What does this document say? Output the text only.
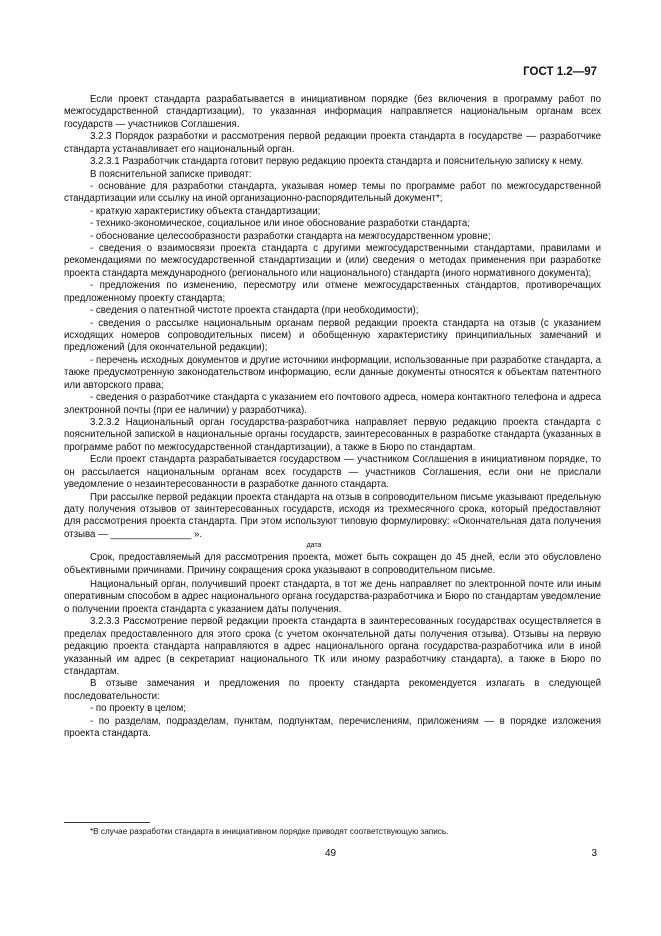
ГОСТ 1.2—97

Если проект стандарта разрабатывается в инициативном порядке (без включения в программу работ по межгосударственной стандартизации), то указанная информация направляется национальным органам всех государств — участников Соглашения.

3.2.3 Порядок разработки и рассмотрения первой редакции проекта стандарта в государстве — разработчике стандарта устанавливает его национальный орган.

3.2.3.1 Разработчик стандарта готовит первую редакцию проекта стандарта и пояснительную записку к нему.

В пояснительной записке приводят:

- основание для разработки стандарта, указывая номер темы по программе работ по межгосударственной стандартизации или ссылку на иной организационно-распорядительный документ*;

- краткую характеристику объекта стандартизации;

- технико-экономическое, социальное или иное обоснование разработки стандарта;

- обоснование целесообразности разработки стандарта на межгосударственном уровне;

- сведения о взаимосвязи проекта стандарта с другими межгосударственными стандартами, правилами и рекомендациями по межгосударственной стандартизации и (или) сведения о методах применения при разработке проекта стандарта международного (регионального или национального) стандарта (иного нормативного документа);

- предложения по изменению, пересмотру или отмене межгосударственных стандартов, противоречащих предложенному проекту стандарта;

- сведения о патентной чистоте проекта стандарта (при необходимости);

- сведения о рассылке национальным органам первой редакции проекта стандарта на отзыв (с указанием исходящих номеров сопроводительных писем) и обобщенную характеристику принципиальных замечаний и предложений (для окончательной редакции);

- перечень исходных документов и другие источники информации, использованные при разработке стандарта, а также предусмотренную законодательством информацию, если данные документы относятся к объектам патентного или авторского права;

- сведения о разработчике стандарта с указанием его почтового адреса, номера контактного телефона и адреса электронной почты (при ее наличии) у разработчика).

3.2.3.2 Национальный орган государства-разработчика направляет первую редакцию проекта стандарта с пояснительной запиской в национальные органы государств, заинтересованных в разработке стандарта (указанных в программе работ по межгосударственной стандартизации), а также в Бюро по стандартам.

Если проект стандарта разрабатывается государством — участником Соглашения в инициативном порядке, то он рассылается национальным органам всех государств — участников Соглашения, если они не прислали уведомление о незаинтересованности в разработке данного стандарта.

При рассылке первой редакции проекта стандарта на отзыв в сопроводительном письме указывают предельную дату получения отзывов от заинтересованных государств, исходя из трехмесячного срока, который предоставляют для рассмотрения проекта стандарта. При этом используют типовую формулировку: «Окончательная дата получения отзыва — _______________ ».

дата

Срок, предоставляемый для рассмотрения проекта, может быть сокращен до 45 дней, если это обусловлено объективными причинами. Причину сокращения срока указывают в сопроводительном письме.

Национальный орган, получивший проект стандарта, в тот же день направляет по электронной почте или иным оперативным способом в адрес национального органа государства-разработчика и Бюро по стандартам уведомление о получении проекта стандарта с указанием даты получения.

3.2.3.3 Рассмотрение первой редакции проекта стандарта в заинтересованных государствах осуществляется в пределах предоставленного для этого срока (с учетом окончательной даты получения отзыва). Отзывы на первую редакцию проекта стандарта направляются в адрес национального органа государства-разработчика или в иной указанный им адрес (в секретариат национального ТК или иному разработчику стандарта), а также в Бюро по стандартам.

В отзыве замечания и предложения по проекту стандарта рекомендуется излагать в следующей последовательности:

- по проекту в целом;

- по разделам, подразделам, пунктам, подпунктам, перечислениям, приложениям — в порядке изложения проекта стандарта.

*В случае разработки стандарта в инициативном порядке приводят соответствующую запись.
49	3
